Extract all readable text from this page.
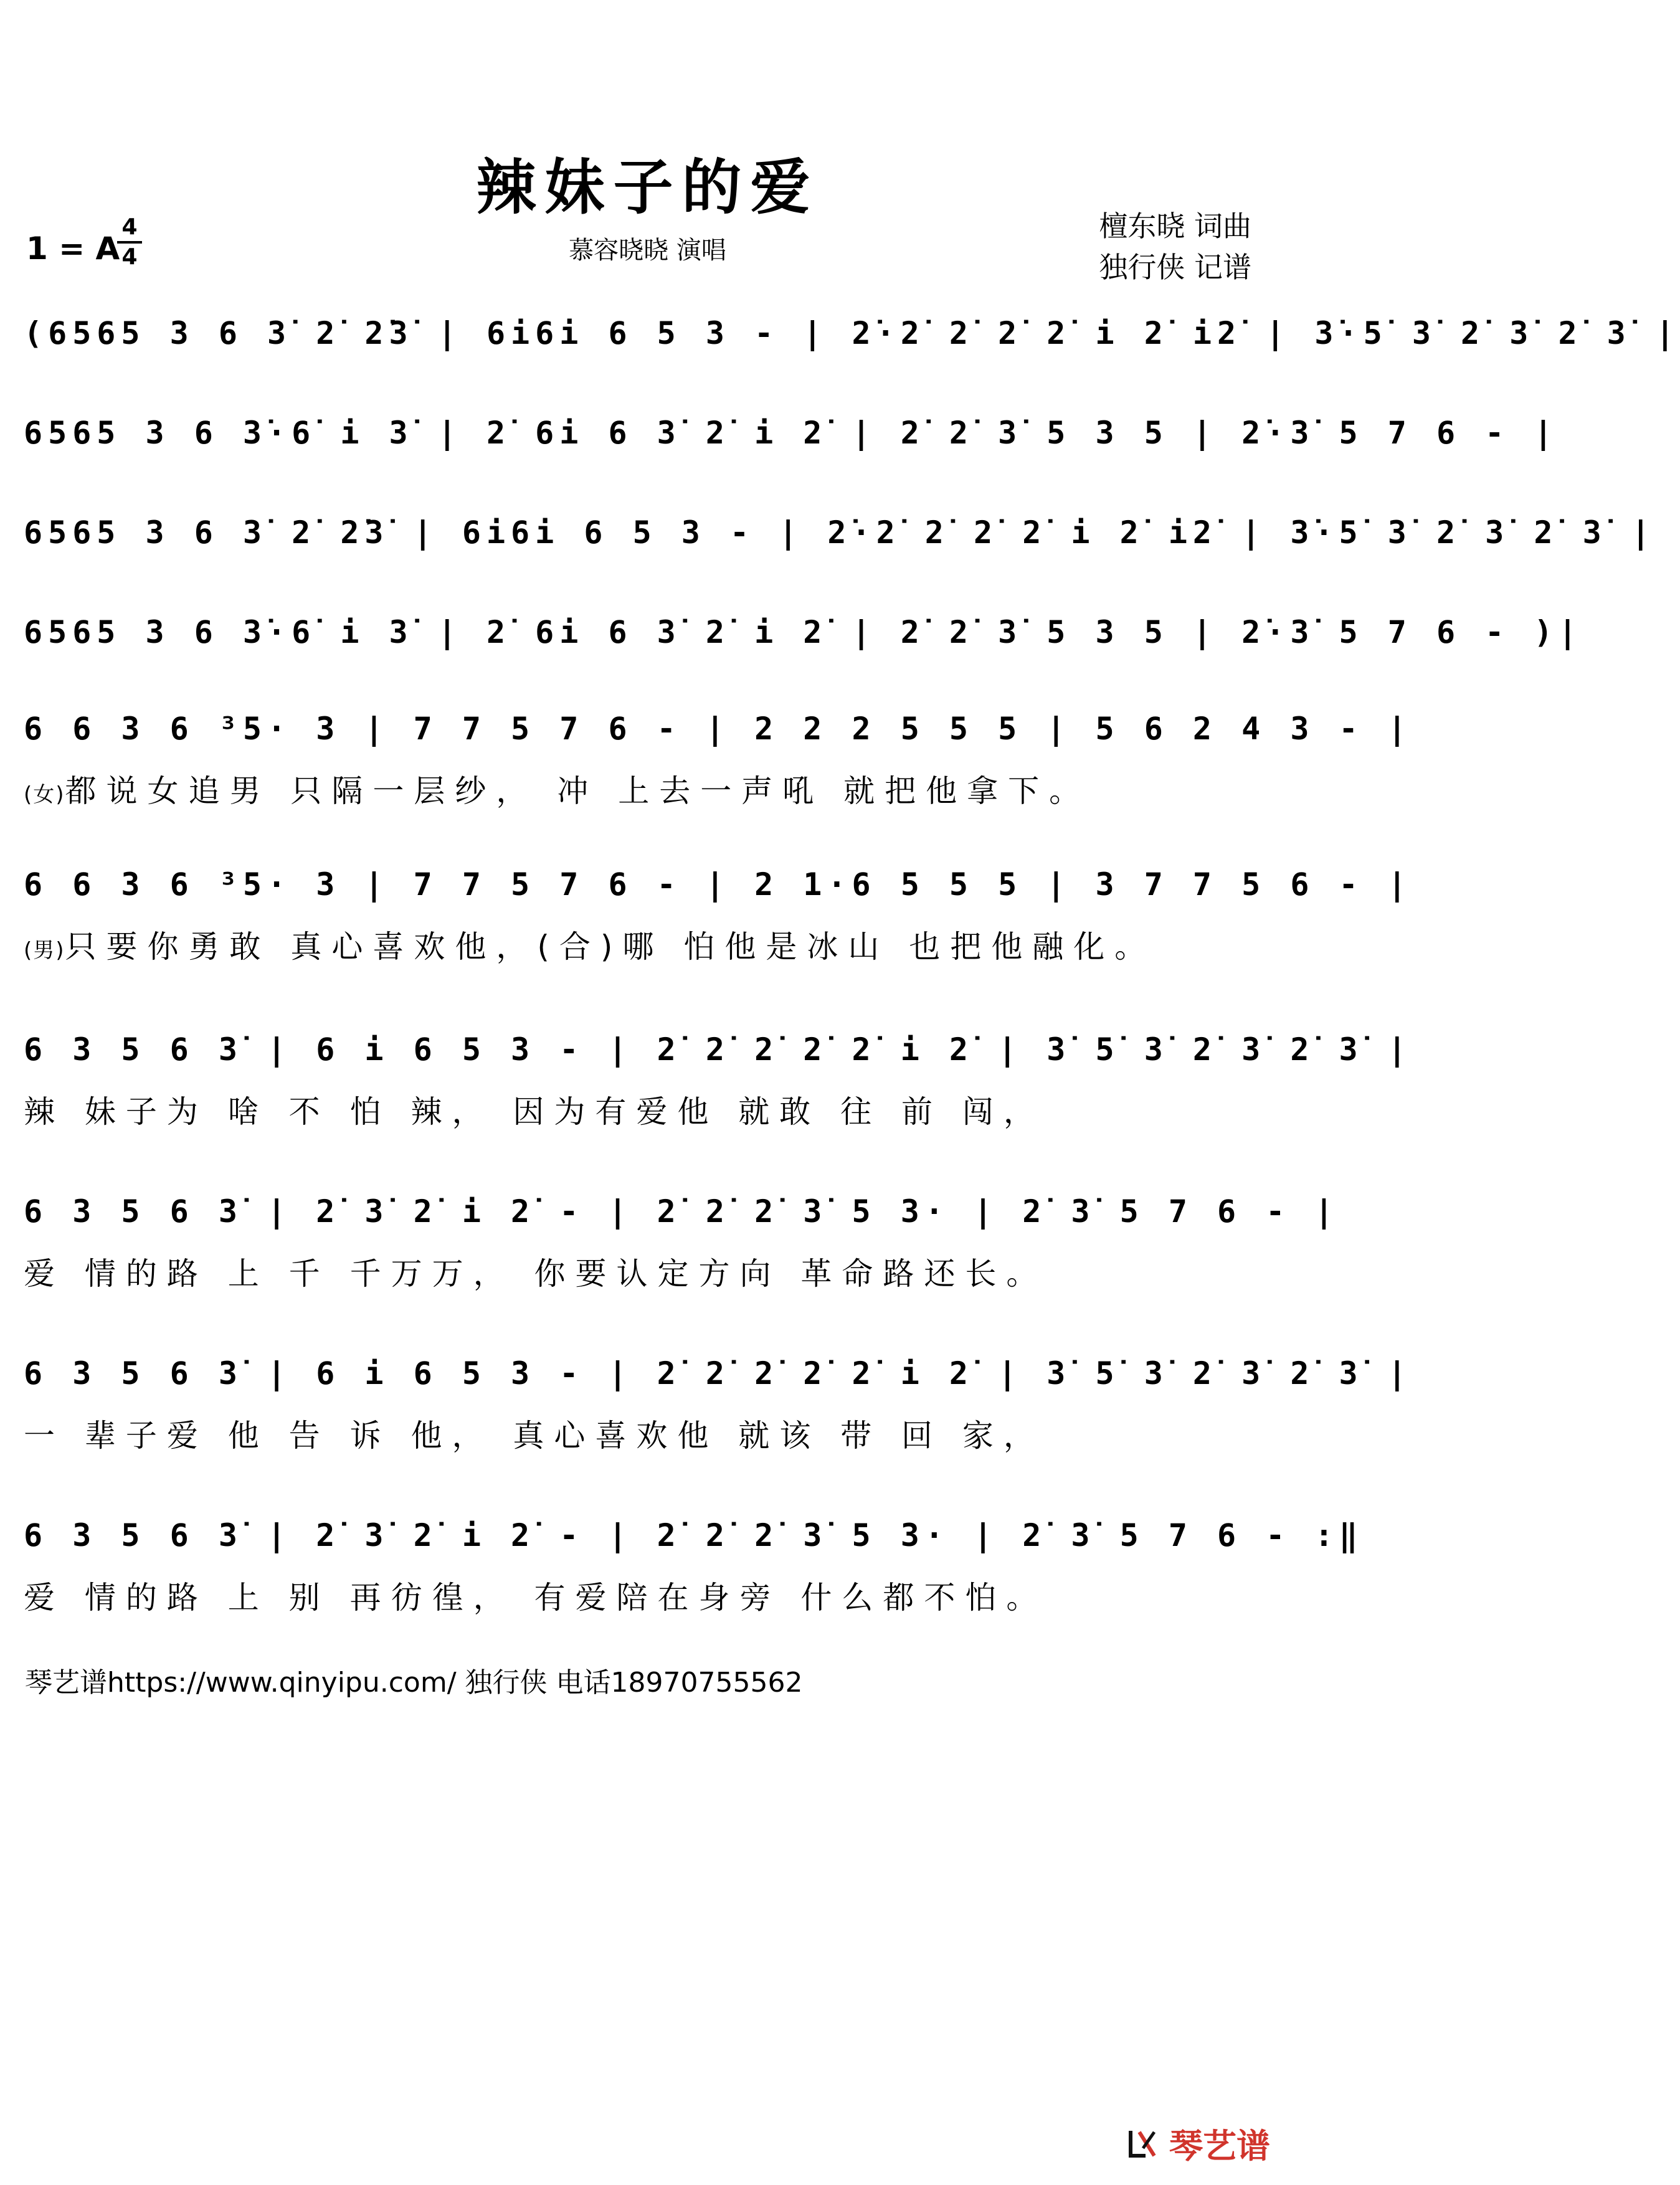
辣妹子的爱
慕容晓晓 演唱
1 = A
4
4
檀东晓 词曲
独行侠 记谱
(6565 3 6 3̇ 2̇ 2̇3̇ | 6i6i 6 5 3 - | 2̇·2̇ 2̇ 2̇ 2̇ i 2̇ i2̇ | 3̇·5̇ 3̇ 2̇ 3̇ 2̇ 3̇ |
6565 3 6 3̇·6̇ i 3̇ | 2̇ 6i 6 3̇ 2̇ i 2̇ | 2̇ 2̇ 3̇ 5 3 5 | 2̇·3̇ 5 7 6 - |
6565 3 6 3̇ 2̇ 2̇3̇ | 6i6i 6 5 3 - | 2̇·2̇ 2̇ 2̇ 2̇ i 2̇ i2̇ | 3̇·5̇ 3̇ 2̇ 3̇ 2̇ 3̇ |
6565 3 6 3̇·6̇ i 3̇ | 2̇ 6i 6 3̇ 2̇ i 2̇ | 2̇ 2̇ 3̇ 5 3 5 | 2̇·3̇ 5 7 6 - )|
6 6 3 6 ³5· 3 | 7 7 5 7 6 - | 2 2 2 5 5 5 | 5 6 2 4 3 - |
(女)都说女追男 只隔一层纱， 冲 上去一声吼 就把他拿下。
6 6 3 6 ³5· 3 | 7 7 5 7 6 - | 2 1·6 5 5 5 | 3 7 7 5 6 - |
(男)只要你勇敢 真心喜欢他，(合)哪 怕他是冰山 也把他融化。
6 3 5 6 3̇ | 6 i 6 5 3 - | 2̇ 2̇ 2̇ 2̇ 2̇ i 2̇ | 3̇ 5̇ 3̇ 2̇ 3̇ 2̇ 3̇ |
辣 妹子为 啥 不 怕 辣， 因为有爱他 就敢 往 前 闯，
6 3 5 6 3̇ | 2̇ 3̇ 2̇ i 2̇ - | 2̇ 2̇ 2̇ 3̇ 5 3· | 2̇ 3̇ 5 7 6 - |
爱 情的路 上 千 千万万， 你要认定方向 革命路还长。
6 3 5 6 3̇ | 6 i 6 5 3 - | 2̇ 2̇ 2̇ 2̇ 2̇ i 2̇ | 3̇ 5̇ 3̇ 2̇ 3̇ 2̇ 3̇ |
一 辈子爱 他 告 诉 他， 真心喜欢他 就该 带 回 家，
6 3 5 6 3̇ | 2̇ 3̇ 2̇ i 2̇ - | 2̇ 2̇ 2̇ 3̇ 5 3· | 2̇ 3̇ 5 7 6 - :‖
爱 情的路 上 别 再彷徨， 有爱陪在身旁 什么都不怕。
琴艺谱https://www.qinyipu.com/ 独行侠 电话18970755562
琴艺谱
